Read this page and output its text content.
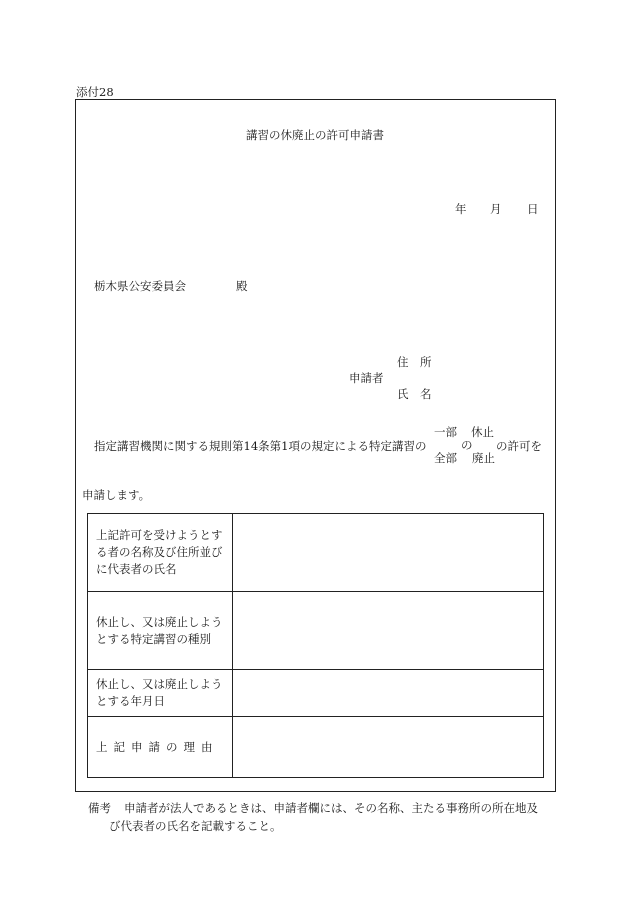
添付28
講習の休廃止の許可申請書
年 月 日
栃木県公安委員会	殿
住　所
申請者
氏　名
指定講習機関に関する規則第14条第1項の規定による特定講習の
一部
全部
の
休止
廃止
の許可を
申請します。
上記許可を受けようとする者の名称及び住所並びに代表者の氏名	
休止し、又は廃止しようとする特定講習の種別	
休止し、又は廃止しようとする年月日	
上記申請の理由	
備考 申請者が法人であるときは、申請者欄には、その名称、主たる事務所の所在地及
び代表者の氏名を記載すること。
